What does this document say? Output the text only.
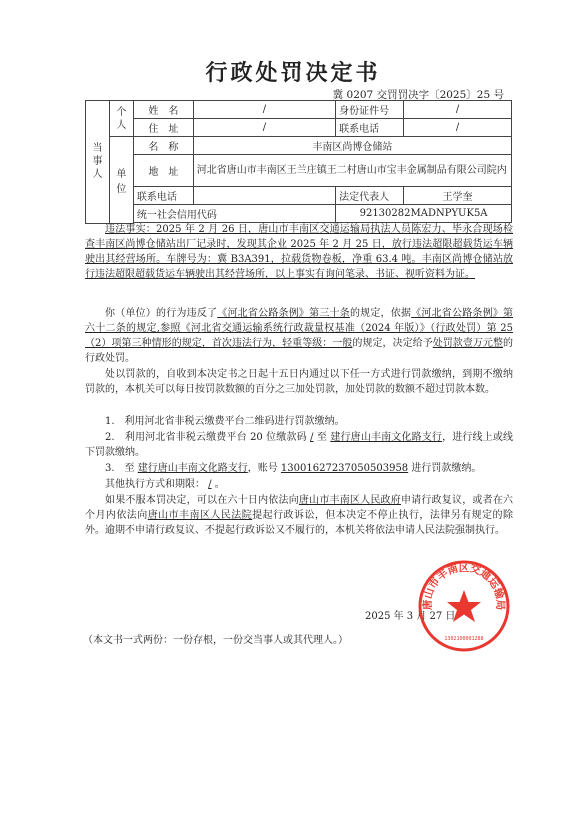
行政处罚决定书
冀 0207 交罚罚决字〔2025〕25 号
当事人	个人	姓　名	/	身份证件号	/
		住　址	/	联系电话	/
	单位	名　称	丰南区尚博仓储站		
		地　址	河北省唐山市丰南区王兰庄镇王二村唐山市宝丰金属制品有限公司院内		
		联系电话		法定代表人	王学奎
		统一社会信用代码		92130282MADNPYUK5A	

违法事实：2025 年 2 月 26 日，唐山市丰南区交通运输局执法人员陈宏力、毕永合现场检查丰南区尚博仓储站出厂记录时，发现其企业 2025 年 2 月 25 日，放行违法超限超载货运车辆驶出其经营场所。车牌号为：冀 B3A391，拉载货物卷板，净重 63.4 吨。丰南区尚博仓储站放行违法超限超载货运车辆驶出其经营场所，以上事实有询问笔录、书证、视听资料为证。
你（单位）的行为违反了《河北省公路条例》第三十条的规定，依据《河北省公路条例》第六十二条的规定,参照《河北省交通运输系统行政裁量权基准（2024 年版）》（行政处罚）第 25（2）项第三种情形的规定，首次违法行为，轻重等级：一般的规定，决定给予处罚款壹万元整的行政处罚。
处以罚款的，自收到本决定书之日起十五日内通过以下任一方式进行罚款缴纳，到期不缴纳罚款的，本机关可以每日按罚款数额的百分之三加处罚款，加处罚款的数额不超过罚款本数。
1.　利用河北省非税云缴费平台二维码进行罚款缴纳。
2.　利用河北省非税云缴费平台 20 位缴款码 / 至 建行唐山丰南文化路支行，进行线上或线下罚款缴纳。
3.　至 建行唐山丰南文化路支行，账号 13001627237050503958 进行罚款缴纳。
其他执行方式和期限： / 。
如果不服本罚决定，可以在六十日内依法向唐山市丰南区人民政府申请行政复议，或者在六个月内依法向唐山市丰南区人民法院提起行政诉讼，但本决定不停止执行，法律另有规定的除外。逾期不申请行政复议、不提起行政诉讼又不履行的，本机关将依法申请人民法院强制执行。
2025 年 3 月 27 日
唐山市丰南区交通运输局
1302100001288
（本文书一式两份：一份存根，一份交当事人或其代理人。）
